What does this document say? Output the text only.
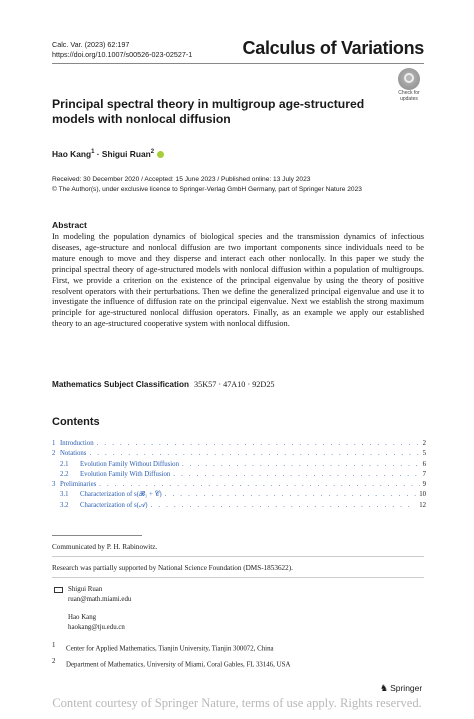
Calc. Var. (2023) 62:197
https://doi.org/10.1007/s00526-023-02527-1	Calculus of Variations
Check for
updates
Principal spectral theory in multigroup age-structured models with nonlocal diffusion
Hao Kang$^1$ · Shigui Ruan$^2$
Received: 30 December 2020 / Accepted: 15 June 2023 / Published online: 13 July 2023
© The Author(s), under exclusive licence to Springer-Verlag GmbH Germany, part of Springer Nature 2023
Abstract
In modeling the population dynamics of biological species and the transmission dynamics of infectious diseases, age-structure and nonlocal diffusion are two important components since individuals need to be mature enough to move and they disperse and interact each other nonlocally. In this paper we study the principal spectral theory of age-structured models with nonlocal diffusion within a population of multigroups. First, we provide a criterion on the existence of the principal eigenvalue by using the theory of positive resolvent operators with their perturbations. Then we define the generalized principal eigenvalue and use it to investigate the influence of diffusion rate on the principal eigenvalue. Next we establish the strong maximum principle for age-structured nonlocal diffusion operators. Finally, as an example we apply our established theory to an age-structured cooperative system with nonlocal diffusion.
Mathematics Subject Classification 35K57 · 47A10 · 92D25
Contents
1 Introduction . . .	2
2 Notations . . .	5
2.1	Evolution Family Without Diffusion . . .	6
2.2	Evolution Family With Diffusion . . .	7
3 Preliminaries . . .	9
3.1	Characterization of s(𝓑₁ + 𝒞) . . .	10
3.2	Characterization of s(𝒜) . . .	12
Communicated by P. H. Rabinowitz.
Research was partially supported by National Science Foundation (DMS-1853622).
Shigui Ruan
ruan@math.miami.edu
Hao Kang
haokang@tju.edu.cn
$^1$ Center for Applied Mathematics, Tianjin University, Tianjin 300072, China
$^2$ Department of Mathematics, University of Miami, Coral Gables, FL 33146, USA
♞ Springer
Content courtesy of Springer Nature, terms of use apply. Rights reserved.
